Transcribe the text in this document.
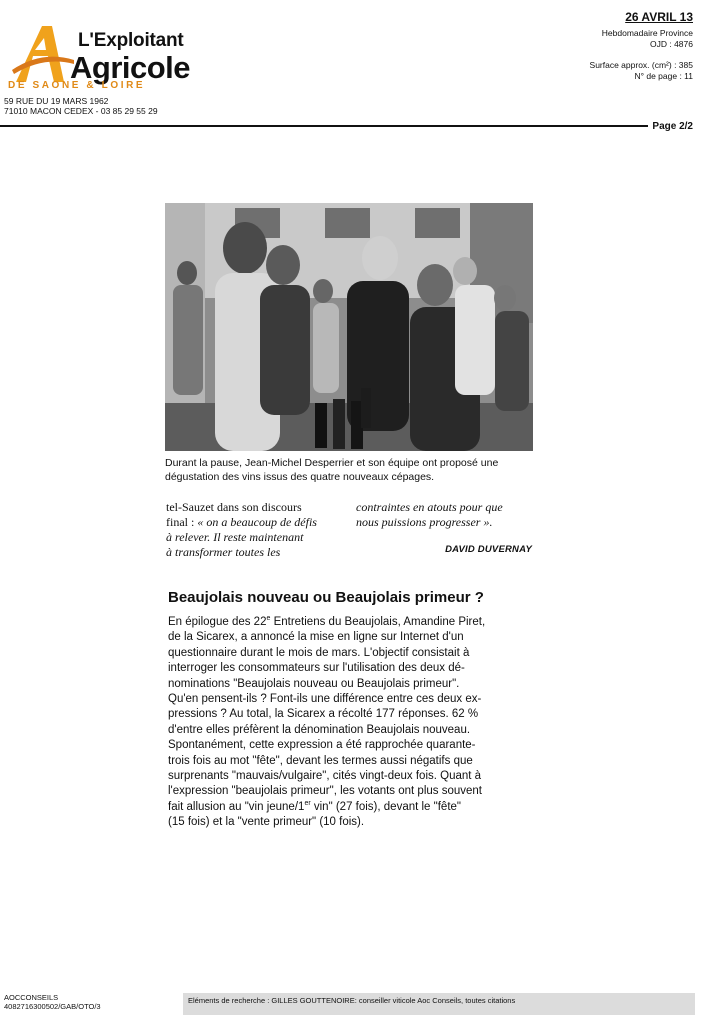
L'Exploitant
Agricole
DE SAONE & LOIRE
59 RUE DU 19 MARS 1962
71010 MACON CEDEX - 03 85 29 55 29
26 AVRIL 13
Hebdomadaire Province
OJD : 4876
Surface approx. (cm²) : 385
N° de page : 11
Page 2/2
Durant la pause, Jean-Michel Desperrier et son équipe ont proposé une dégustation des vins issus des quatre nouveaux cépages.
tel-Sauzet dans son discours
final : « on a beaucoup de défis
à relever. Il reste maintenant
à transformer toutes les
contraintes en atouts pour que
nous puissions progresser ».
DAVID DUVERNAY
Beaujolais nouveau ou Beaujolais primeur ?
En épilogue des 22e Entretiens du Beaujolais, Amandine Piret,
de la Sicarex, a annoncé la mise en ligne sur Internet d'un
questionnaire durant le mois de mars. L'objectif consistait à
interroger les consommateurs sur l'utilisation des deux dé-
nominations "Beaujolais nouveau ou Beaujolais primeur".
Qu'en pensent-ils ? Font-ils une différence entre ces deux ex-
pressions ? Au total, la Sicarex a récolté 177 réponses. 62 %
d'entre elles préfèrent la dénomination Beaujolais nouveau.
Spontanément, cette expression a été rapprochée quarante-
trois fois au mot "fête", devant les termes aussi négatifs que
surprenants "mauvais/vulgaire", cités vingt-deux fois. Quant à
l'expression "beaujolais primeur", les votants ont plus souvent
fait allusion au "vin jeune/1er vin" (27 fois), devant le "fête"
(15 fois) et la "vente primeur" (10 fois).
AOCCONSEILS
4082716300502/GAB/OTO/3
Eléments de recherche : GILLES GOUTTENOIRE: conseiller viticole Aoc Conseils, toutes citations
